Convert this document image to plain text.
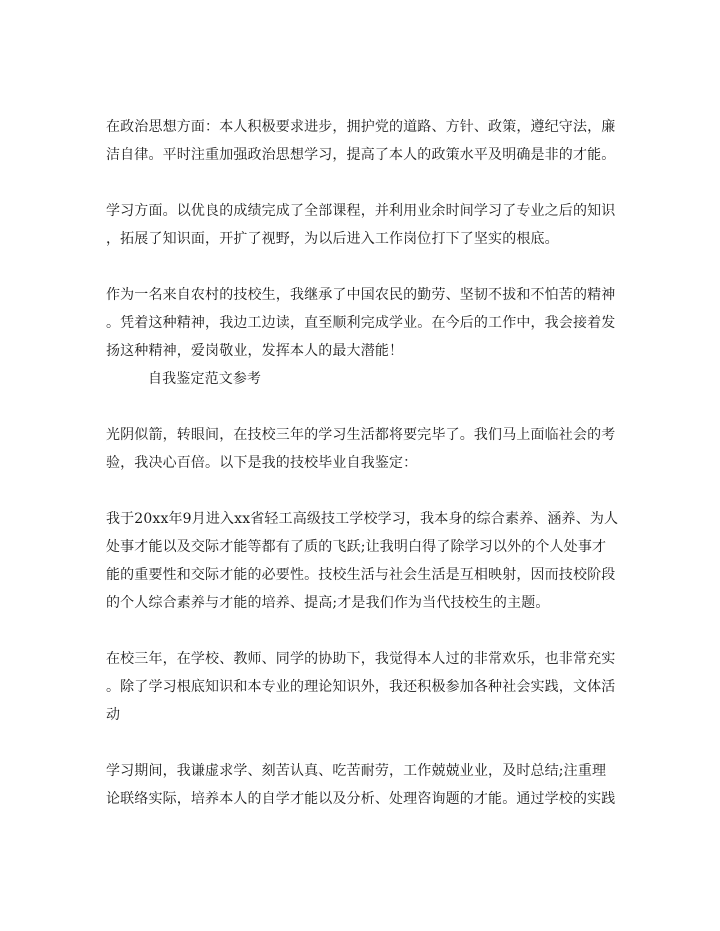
在政治思想方面：本人积极要求进步，拥护党的道路、方针、政策，遵纪守法，廉
洁自律。平时注重加强政治思想学习，提高了本人的政策水平及明确是非的才能。
学习方面。以优良的成绩完成了全部课程，并利用业余时间学习了专业之后的知识
，拓展了知识面，开扩了视野，为以后进入工作岗位打下了坚实的根底。
作为一名来自农村的技校生，我继承了中国农民的勤劳、坚韧不拔和不怕苦的精神
。凭着这种精神，我边工边读，直至顺利完成学业。在今后的工作中，我会接着发
扬这种精神，爱岗敬业，发挥本人的最大潜能！
自我鉴定范文参考
光阴似箭，转眼间，在技校三年的学习生活都将要完毕了。我们马上面临社会的考
验，我决心百倍。以下是我的技校毕业自我鉴定：
我于20xx年9月进入xx省轻工高级技工学校学习，我本身的综合素养、涵养、为人
处事才能以及交际才能等都有了质的飞跃;让我明白得了除学习以外的个人处事才
能的重要性和交际才能的必要性。技校生活与社会生活是互相映射，因而技校阶段
的个人综合素养与才能的培养、提高;才是我们作为当代技校生的主题。
在校三年，在学校、教师、同学的协助下，我觉得本人过的非常欢乐，也非常充实
。除了学习根底知识和本专业的理论知识外，我还积极参加各种社会实践，文体活
动
学习期间，我谦虚求学、刻苦认真、吃苦耐劳，工作兢兢业业，及时总结;注重理
论联络实际，培养本人的自学才能以及分析、处理咨询题的才能。通过学校的实践
